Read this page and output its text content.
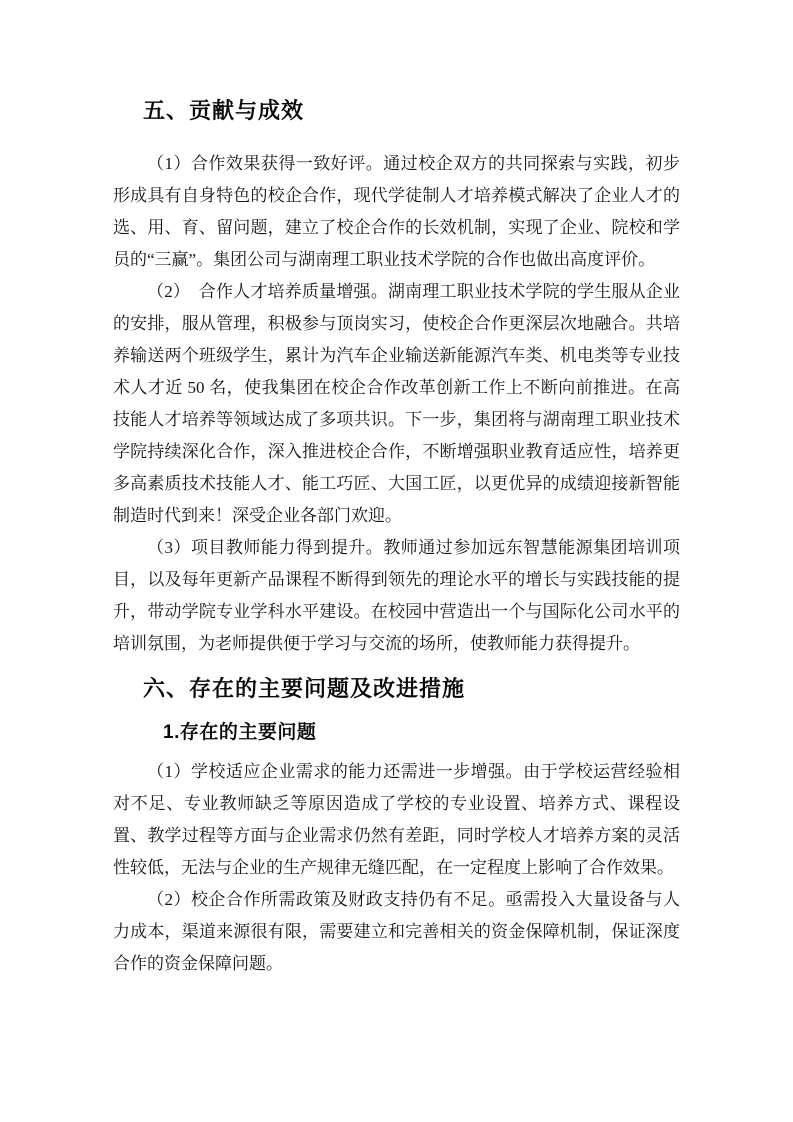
五、贡献与成效

（1）合作效果获得一致好评。通过校企双方的共同探索与实践，初步形成具有自身特色的校企合作，现代学徒制人才培养模式解决了企业人才的选、用、育、留问题，建立了校企合作的长效机制，实现了企业、院校和学员的“三赢”。集团公司与湖南理工职业技术学院的合作也做出高度评价。

（2）　合作人才培养质量增强。湖南理工职业技术学院的学生服从企业的安排，服从管理，积极参与顶岗实习，使校企合作更深层次地融合。共培养输送两个班级学生，累计为汽车企业输送新能源汽车类、机电类等专业技术人才近 50 名，使我集团在校企合作改革创新工作上不断向前推进。在高技能人才培养等领域达成了多项共识。下一步，集团将与湖南理工职业技术学院持续深化合作，深入推进校企合作，不断增强职业教育适应性，培养更多高素质技术技能人才、能工巧匠、大国工匠，以更优异的成绩迎接新智能制造时代到来！深受企业各部门欢迎。

（3）项目教师能力得到提升。教师通过参加远东智慧能源集团培训项目，以及每年更新产品课程不断得到领先的理论水平的增长与实践技能的提升，带动学院专业学科水平建设。在校园中营造出一个与国际化公司水平的培训氛围，为老师提供便于学习与交流的场所，使教师能力获得提升。

六、存在的主要问题及改进措施
1.存在的主要问题

（1）学校适应企业需求的能力还需进一步增强。由于学校运营经验相对不足、专业教师缺乏等原因造成了学校的专业设置、培养方式、课程设置、教学过程等方面与企业需求仍然有差距，同时学校人才培养方案的灵活性较低，无法与企业的生产规律无缝匹配，在一定程度上影响了合作效果。

（2）校企合作所需政策及财政支持仍有不足。亟需投入大量设备与人力成本，渠道来源很有限，需要建立和完善相关的资金保障机制，保证深度合作的资金保障问题。
